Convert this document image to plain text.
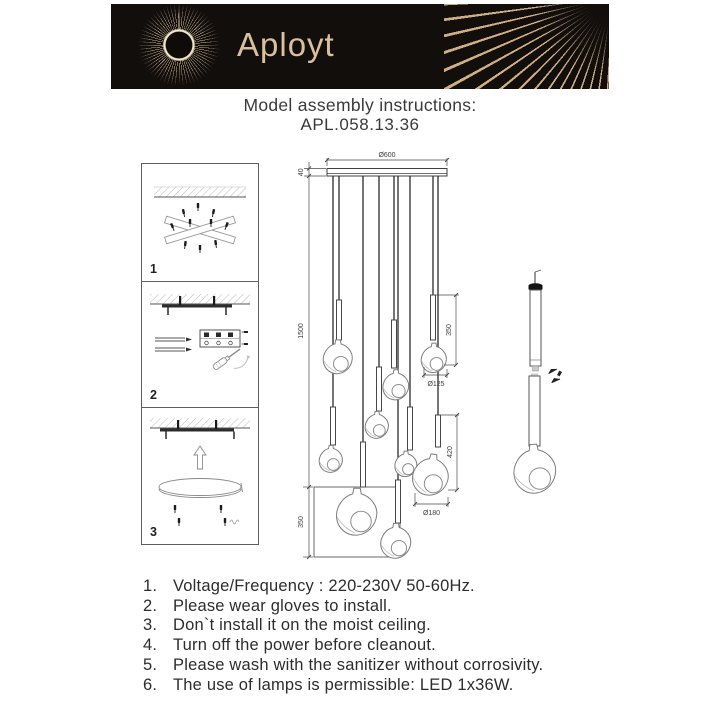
Aployt
Model assembly instructions:
APL.058.13.36
1
2
3
Ø600
40
1500
350
350
Ø125
420
Ø180
1. Voltage/Frequency : 220-230V 50-60Hz.
2. Please wear gloves to install.
3. Don`t install it on the moist ceiling.
4. Turn off the power before cleanout.
5. Please wash with the sanitizer without corrosivity.
6. The use of lamps is permissible: LED 1x36W.
